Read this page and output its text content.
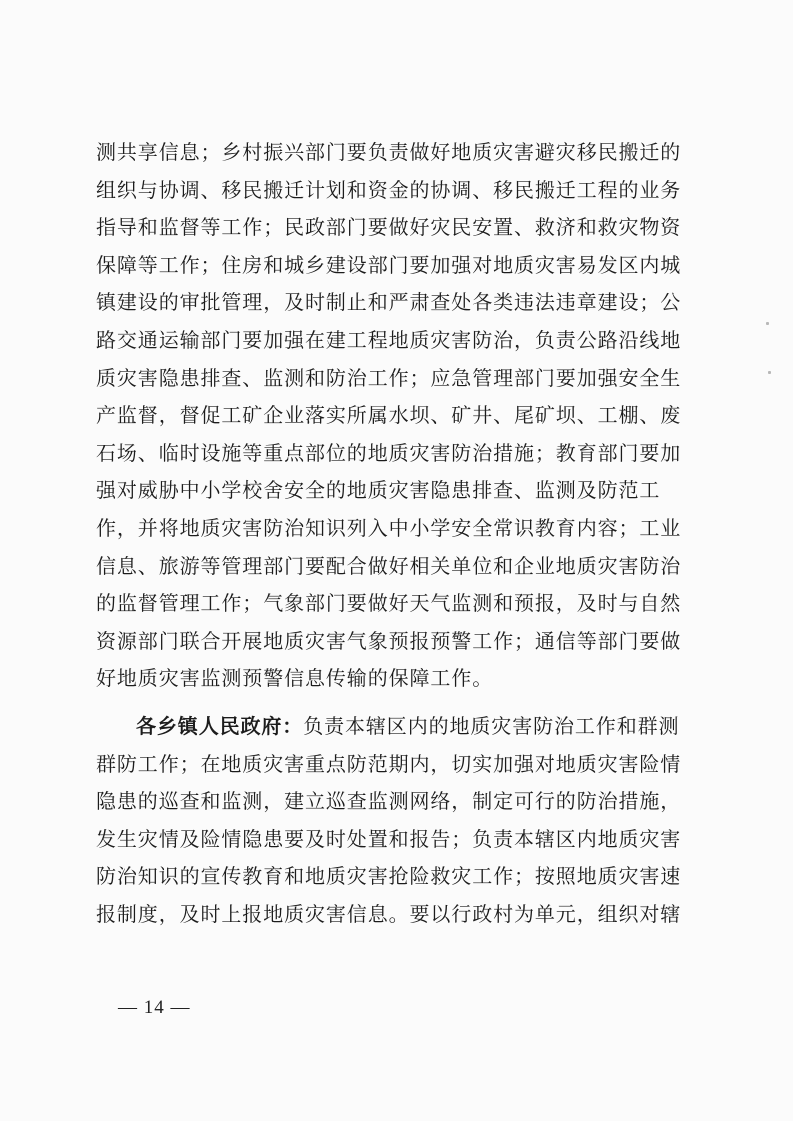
测共享信息；乡村振兴部门要负责做好地质灾害避灾移民搬迁的
组织与协调、移民搬迁计划和资金的协调、移民搬迁工程的业务
指导和监督等工作；民政部门要做好灾民安置、救济和救灾物资
保障等工作；住房和城乡建设部门要加强对地质灾害易发区内城
镇建设的审批管理，及时制止和严肃查处各类违法违章建设；公
路交通运输部门要加强在建工程地质灾害防治，负责公路沿线地
质灾害隐患排查、监测和防治工作；应急管理部门要加强安全生
产监督，督促工矿企业落实所属水坝、矿井、尾矿坝、工棚、废
石场、临时设施等重点部位的地质灾害防治措施；教育部门要加
强对威胁中小学校舍安全的地质灾害隐患排查、监测及防范工
作，并将地质灾害防治知识列入中小学安全常识教育内容；工业
信息、旅游等管理部门要配合做好相关单位和企业地质灾害防治
的监督管理工作；气象部门要做好天气监测和预报，及时与自然
资源部门联合开展地质灾害气象预报预警工作；通信等部门要做
好地质灾害监测预警信息传输的保障工作。
各乡镇人民政府：负责本辖区内的地质灾害防治工作和群测
群防工作；在地质灾害重点防范期内，切实加强对地质灾害险情
隐患的巡查和监测，建立巡查监测网络，制定可行的防治措施，
发生灾情及险情隐患要及时处置和报告；负责本辖区内地质灾害
防治知识的宣传教育和地质灾害抢险救灾工作；按照地质灾害速
报制度，及时上报地质灾害信息。要以行政村为单元，组织对辖
— 14 —
